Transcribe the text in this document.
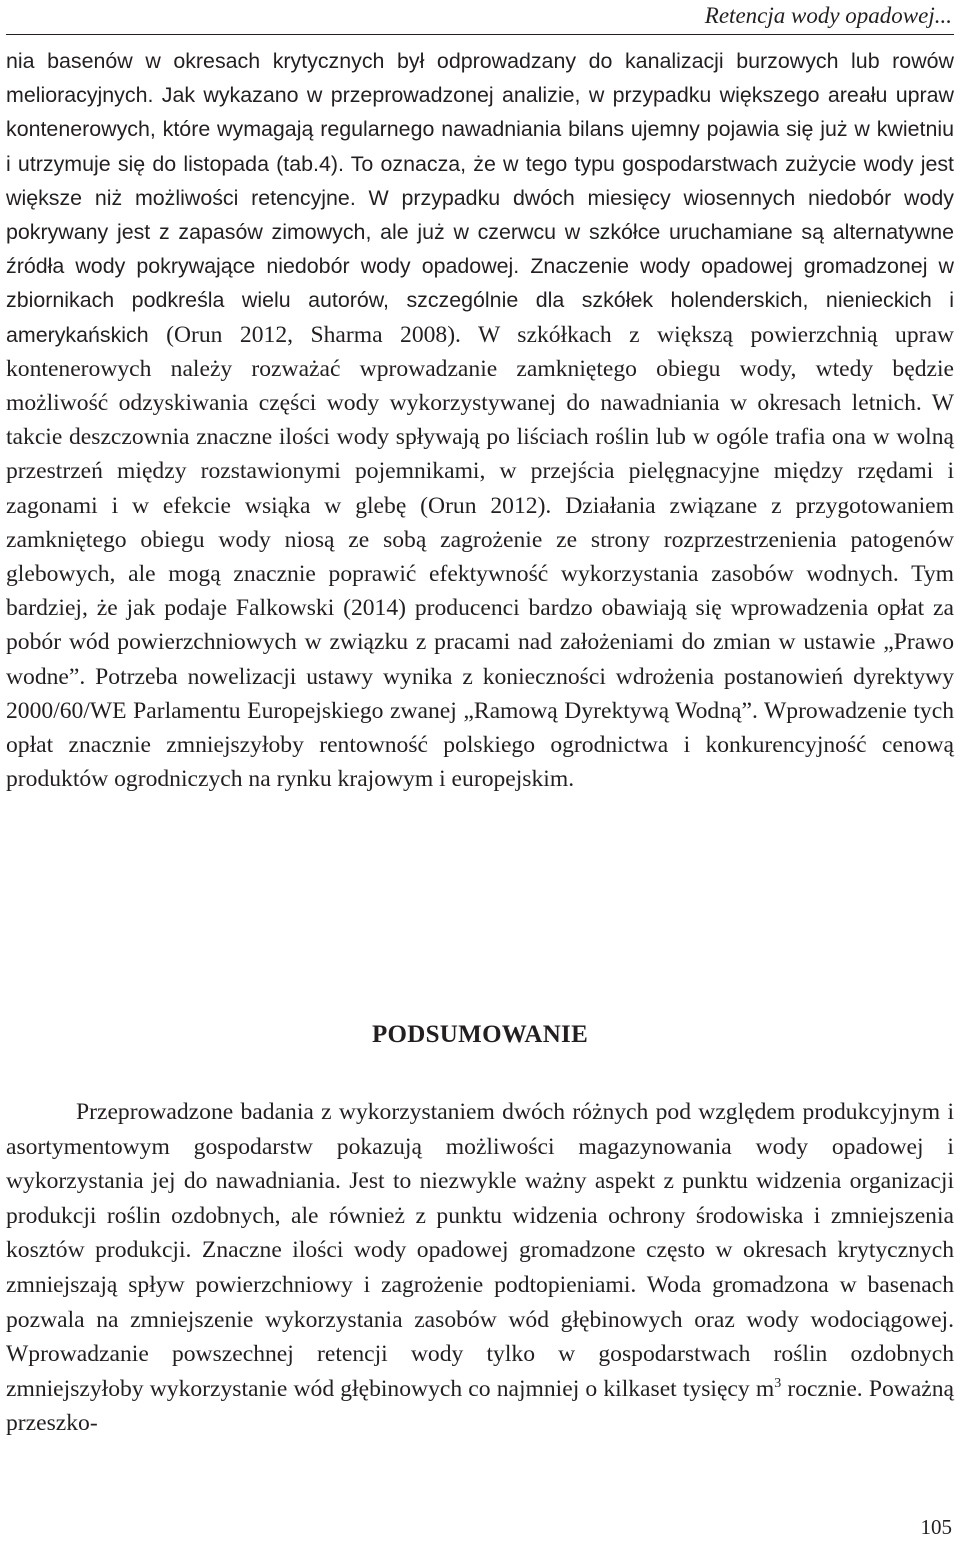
Retencja wody opadowej...

nia basenów w okresach krytycznych był odprowadzany do kanalizacji burzowych lub rowów melioracyjnych. Jak wykazano w przeprowadzonej analizie, w przypadku większego areału upraw kontenerowych, które wymagają regularnego nawadniania bilans ujemny pojawia się już w kwietniu i utrzymuje się do listopada (tab.4). To oznacza, że w tego typu gospodarstwach zużycie wody jest większe niż możliwości retencyjne. W przypadku dwóch miesięcy wiosennych niedobór wody pokrywany jest z zapasów zimowych, ale już w czerwcu w szkółce uruchamiane są alternatywne źródła wody pokrywające niedobór wody opadowej. Znaczenie wody opadowej gromadzonej w zbiornikach podkreśla wielu autorów, szczególnie dla szkółek holenderskich, nienieckich i amerykańskich (Orun 2012, Sharma 2008). W szkółkach z większą powierzchnią upraw kontenerowych należy rozważać wprowadzanie zamkniętego obiegu wody, wtedy będzie możliwość odzyskiwania części wody wykorzystywanej do nawadniania w okresach letnich. W takcie deszczownia znaczne ilości wody spływają po liściach roślin lub w ogóle trafia ona w wolną przestrzeń między rozstawionymi pojemnikami, w przejścia pielęgnacyjne między rzędami i zagonami i w efekcie wsiąka w glebę (Orun 2012). Działania związane z przygotowaniem zamkniętego obiegu wody niosą ze sobą zagrożenie ze strony rozprzestrzenienia patogenów glebowych, ale mogą znacznie poprawić efektywność wykorzystania zasobów wodnych. Tym bardziej, że jak podaje Falkowski (2014) producenci bardzo obawiają się wprowadzenia opłat za pobór wód powierzchniowych w związku z pracami nad założeniami do zmian w ustawie „Prawo wodne”. Potrzeba nowelizacji ustawy wynika z konieczności wdrożenia postanowień dyrektywy 2000/60/WE Parlamentu Europejskiego zwanej „Ramową Dyrektywą Wodną”. Wprowadzenie tych opłat znacznie zmniejszyłoby rentowność polskiego ogrodnictwa i konkurencyjność cenową produktów ogrodniczych na rynku krajowym i europejskim.

PODSUMOWANIE

Przeprowadzone badania z wykorzystaniem dwóch różnych pod względem produkcyjnym i asortymentowym gospodarstw pokazują możliwości magazynowania wody opadowej i wykorzystania jej do nawadniania. Jest to niezwykle ważny aspekt z punktu widzenia organizacji produkcji roślin ozdobnych, ale również z punktu widzenia ochrony środowiska i zmniejszenia kosztów produkcji. Znaczne ilości wody opadowej gromadzone często w okresach krytycznych zmniejszają spływ powierzchniowy i zagrożenie podtopieniami. Woda gromadzona w basenach pozwala na zmniejszenie wykorzystania zasobów wód głębinowych oraz wody wodociągowej. Wprowadzanie powszechnej retencji wody tylko w gospodarstwach roślin ozdobnych zmniejszyłoby wykorzystanie wód głębinowych co najmniej o kilkaset tysięcy $m^3$ rocznie. Poważną przeszko-

105
